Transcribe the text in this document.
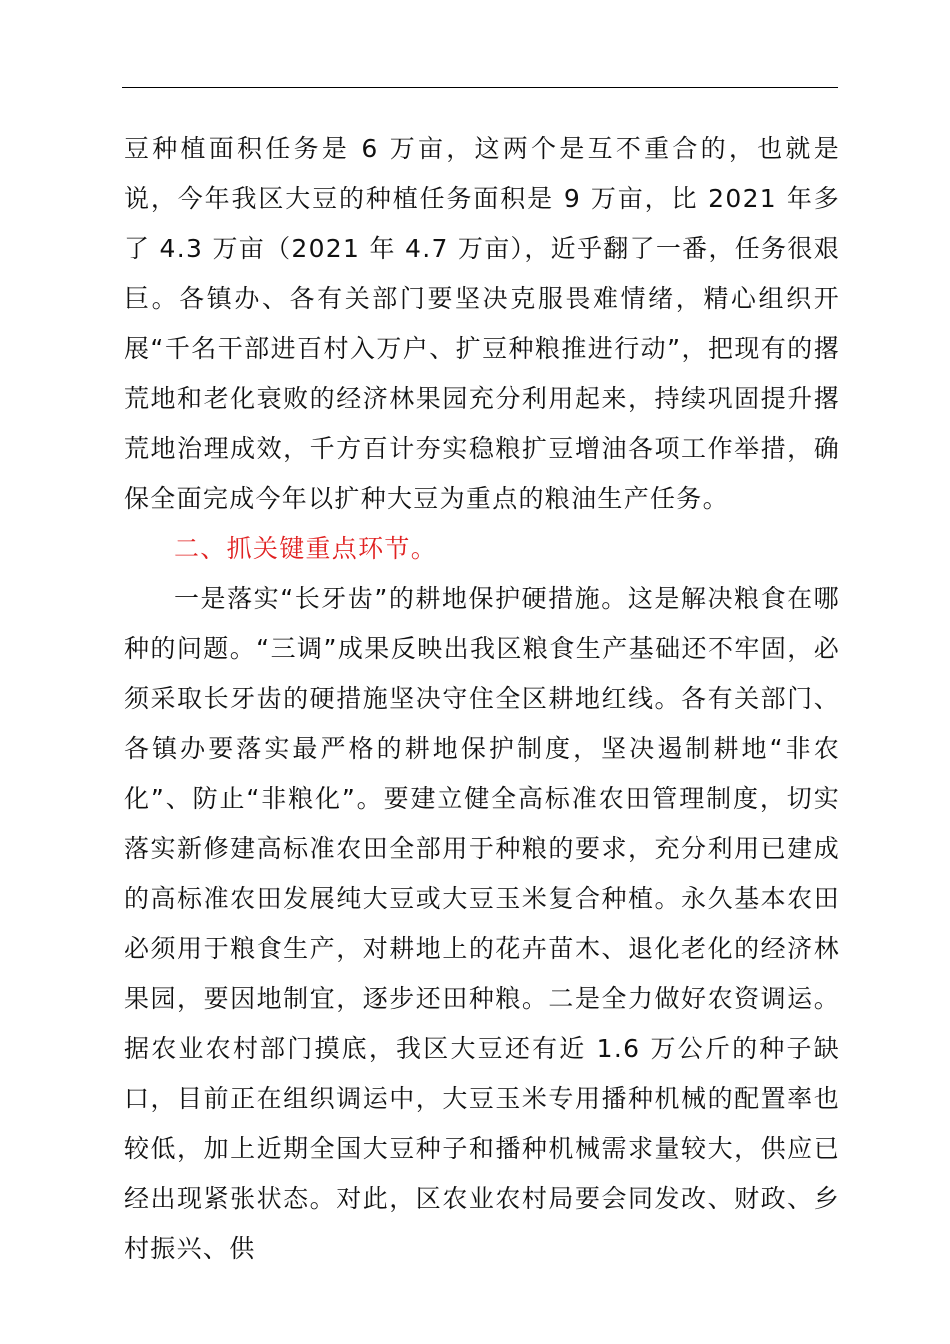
豆种植面积任务是 6 万亩，这两个是互不重合的，也就是说，今年我区大豆的种植任务面积是 9 万亩，比 2021 年多了 4.3 万亩（2021 年 4.7 万亩），近乎翻了一番，任务很艰巨。各镇办、各有关部门要坚决克服畏难情绪，精心组织开展“千名干部进百村入万户、扩豆种粮推进行动”，把现有的撂荒地和老化衰败的经济林果园充分利用起来，持续巩固提升撂荒地治理成效，千方百计夯实稳粮扩豆增油各项工作举措，确保全面完成今年以扩种大豆为重点的粮油生产任务。

二、抓关键重点环节。

一是落实“长牙齿”的耕地保护硬措施。这是解决粮食在哪种的问题。“三调”成果反映出我区粮食生产基础还不牢固，必须采取长牙齿的硬措施坚决守住全区耕地红线。各有关部门、各镇办要落实最严格的耕地保护制度，坚决遏制耕地“非农化”、防止“非粮化”。要建立健全高标准农田管理制度，切实落实新修建高标准农田全部用于种粮的要求，充分利用已建成的高标准农田发展纯大豆或大豆玉米复合种植。永久基本农田必须用于粮食生产，对耕地上的花卉苗木、退化老化的经济林果园，要因地制宜，逐步还田种粮。二是全力做好农资调运。据农业农村部门摸底，我区大豆还有近 1.6 万公斤的种子缺口，目前正在组织调运中，大豆玉米专用播种机械的配置率也较低，加上近期全国大豆种子和播种机械需求量较大，供应已经出现紧张状态。对此，区农业农村局要会同发改、财政、乡村振兴、供
